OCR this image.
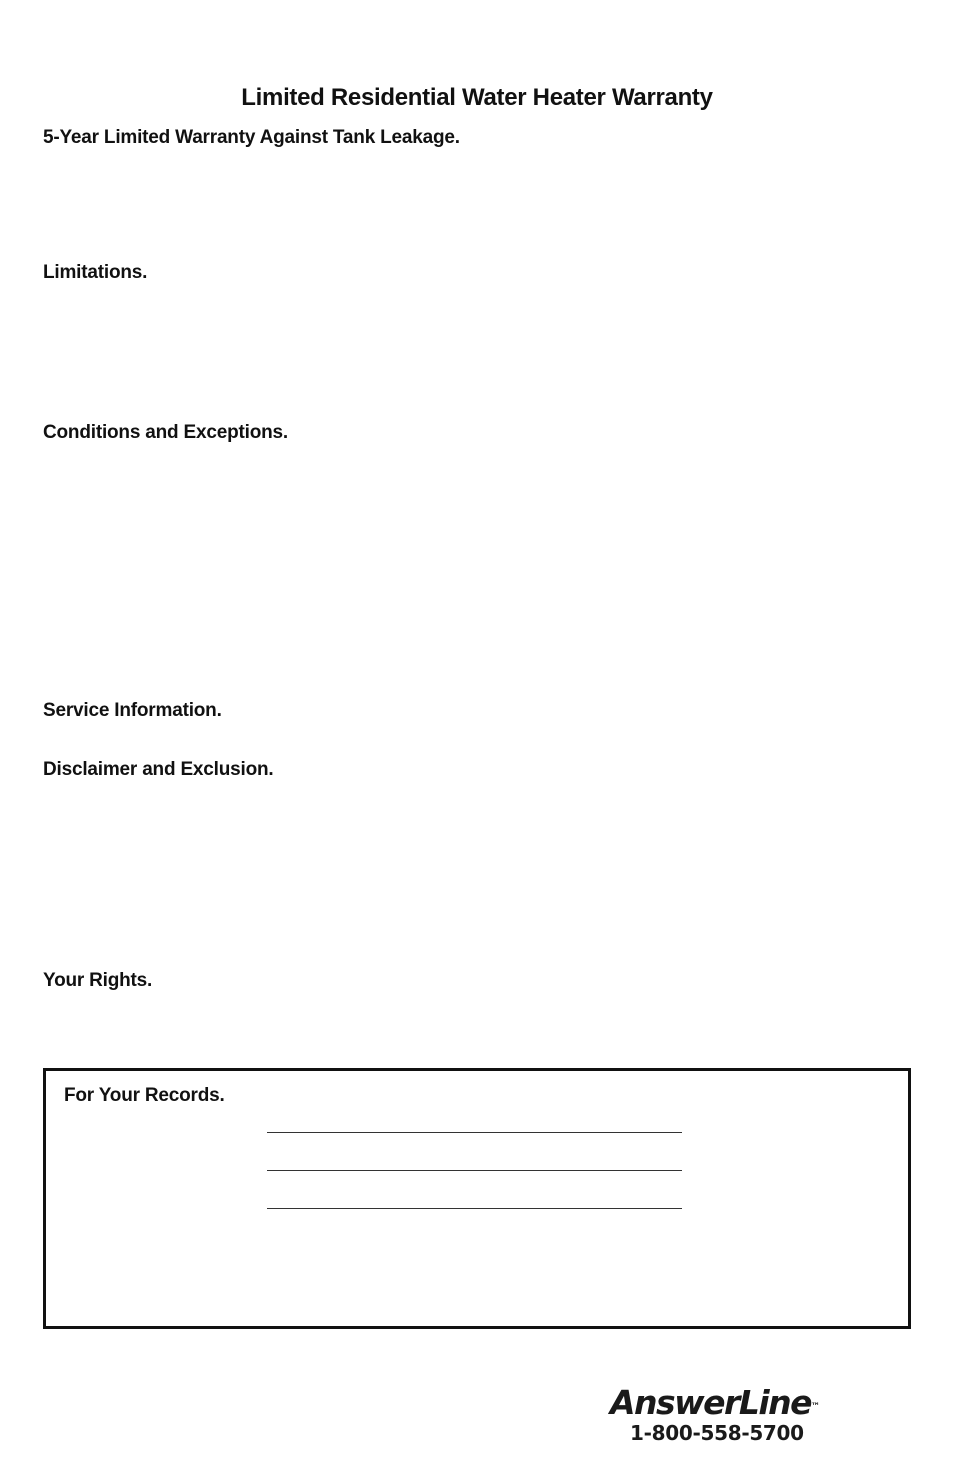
Limited Residential Water Heater Warranty
5-Year Limited Warranty Against Tank Leakage.
Limitations.
Conditions and Exceptions.
Service Information.
Disclaimer and Exclusion.
Your Rights.
For Your Records.
AnswerLine™
1-800-558-5700
